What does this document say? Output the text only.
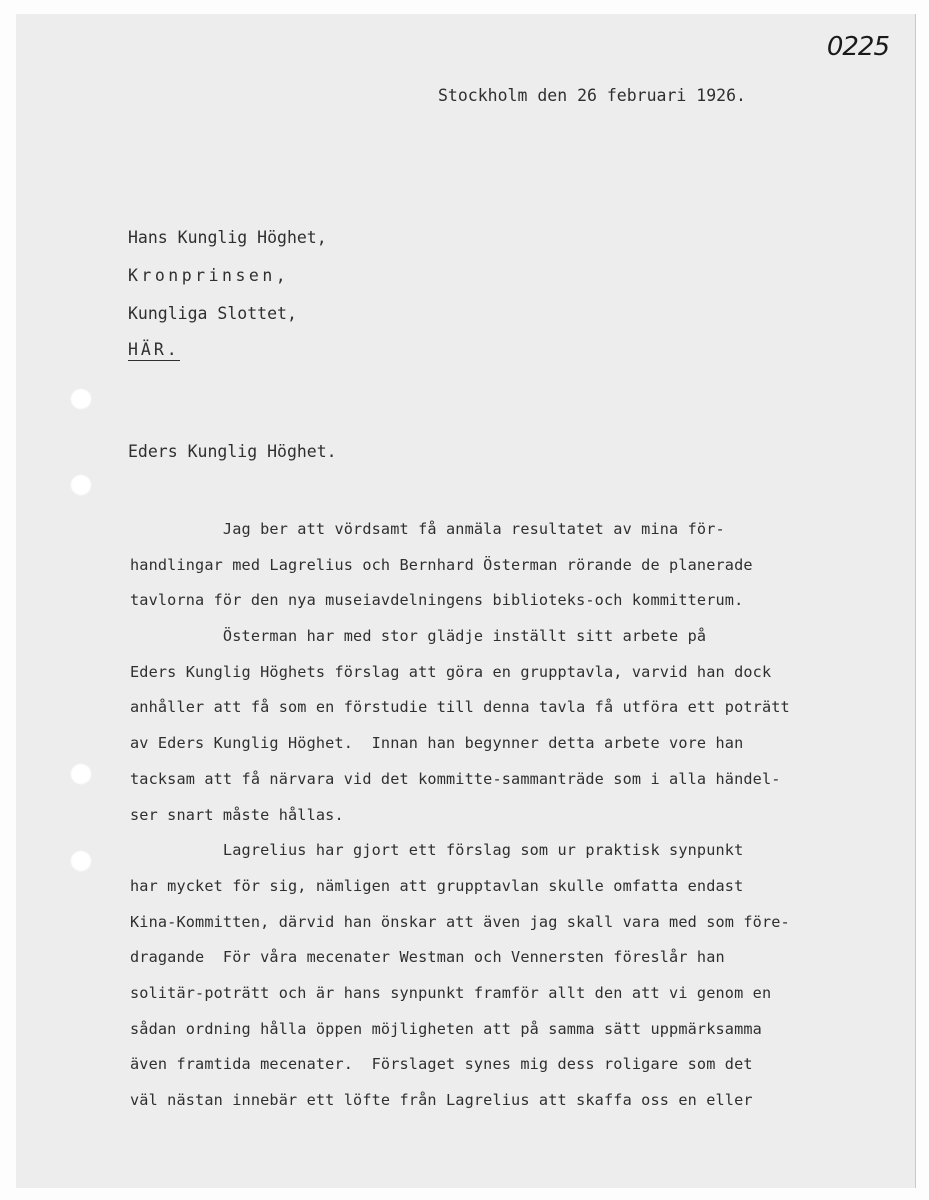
0225
Stockholm den 26 februari 1926.
Hans Kunglig Höghet,
Kronprinsen,
Kungliga Slottet,
HÄR.
Eders Kunglig Höghet.
Jag ber att vördsamt få anmäla resultatet av mina för-
handlingar med Lagrelius och Bernhard Österman rörande de planerade
tavlorna för den nya museiavdelningens biblioteks-och kommitterum.
Österman har med stor glädje inställt sitt arbete på
Eders Kunglig Höghets förslag att göra en grupptavla, varvid han dock
anhåller att få som en förstudie till denna tavla få utföra ett poträtt
av Eders Kunglig Höghet.  Innan han begynner detta arbete vore han
tacksam att få närvara vid det kommitte-sammanträde som i alla händel-
ser snart måste hållas.
Lagrelius har gjort ett förslag som ur praktisk synpunkt
har mycket för sig, nämligen att grupptavlan skulle omfatta endast
Kina-Kommitten, därvid han önskar att även jag skall vara med som före-
dragande  För våra mecenater Westman och Vennersten föreslår han
solitär-poträtt och är hans synpunkt framför allt den att vi genom en
sådan ordning hålla öppen möjligheten att på samma sätt uppmärksamma
även framtida mecenater.  Förslaget synes mig dess roligare som det
väl nästan innebär ett löfte från Lagrelius att skaffa oss en eller
